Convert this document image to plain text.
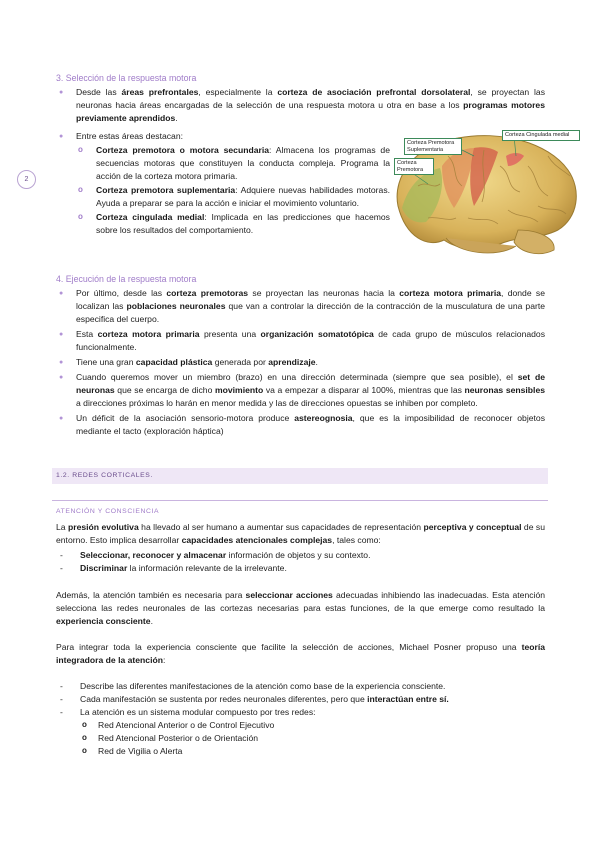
2
3. Selección de la respuesta motora
● Desde las áreas prefrontales, especialmente la corteza de asociación prefrontal dorsolateral, se proyectan las neuronas hacia áreas encargadas de la selección de una respuesta motora u otra en base a los programas motores previamente aprendidos.
● Entre estas áreas destacan:
o Corteza premotora o motora secundaria: Almacena los programas de secuencias motoras que constituyen la conducta compleja. Programa la acción de la corteza motora primaria.
o Corteza premotora suplementaria: Adquiere nuevas habilidades motoras. Ayuda a preparar se para la acción e iniciar el movimiento voluntario.
o Corteza cingulada medial: Implicada en las predicciones que hacemos sobre los resultados del comportamiento.
Corteza Premotora Suplementaria
Corteza Cingulada medial
Corteza Premotora
4. Ejecución de la respuesta motora
● Por último, desde las corteza premotoras se proyectan las neuronas hacia la corteza motora primaria, donde se localizan las poblaciones neuronales que van a controlar la dirección de la contracción de la musculatura de una parte especifica del cuerpo.
● Esta corteza motora primaria presenta una organización somatotópica de cada grupo de músculos relacionados funcionalmente.
● Tiene una gran capacidad plástica generada por aprendizaje.
● Cuando queremos mover un miembro (brazo) en una dirección determinada (siempre que sea posible), el set de neuronas que se encarga de dicho movimiento va a empezar a disparar al 100%, mientras que las neuronas sensibles a direcciones próximas lo harán en menor medida y las de direcciones opuestas se inhiben por completo.
● Un déficit de la asociación sensorio-motora produce astereognosia, que es la imposibilidad de reconocer objetos mediante el tacto (exploración háptica)
1.2. REDES CORTICALES.
ATENCIÓN Y CONSCIENCIA
La presión evolutiva ha llevado al ser humano a aumentar sus capacidades de representación perceptiva y conceptual de su entorno. Esto implica desarrollar capacidades atencionales complejas, tales como:
- Seleccionar, reconocer y almacenar información de objetos y su contexto.
- Discriminar la información relevante de la irrelevante.
Además, la atención también es necesaria para seleccionar acciones adecuadas inhibiendo las inadecuadas. Esta atención selecciona las redes neuronales de las cortezas necesarias para estas funciones, de la que emerge como resultado la experiencia consciente.
Para integrar toda la experiencia consciente que facilite la selección de acciones, Michael Posner propuso una teoría integradora de la atención:
- Describe las diferentes manifestaciones de la atención como base de la experiencia consciente.
- Cada manifestación se sustenta por redes neuronales diferentes, pero que interactúan entre sí.
- La atención es un sistema modular compuesto por tres redes:
o Red Atencional Anterior o de Control Ejecutivo
o Red Atencional Posterior o de Orientación
o Red de Vigilia o Alerta
